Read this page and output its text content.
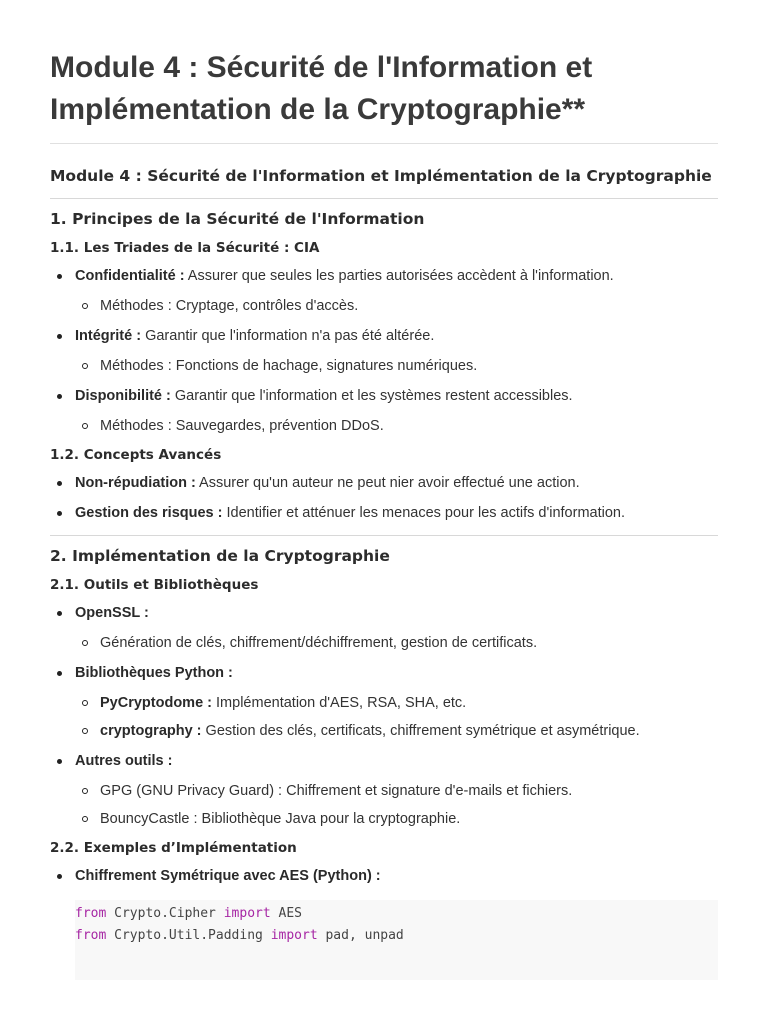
Module 4 : Sécurité de l'Information et Implémentation de la Cryptographie**
Module 4 : Sécurité de l'Information et Implémentation de la Cryptographie
1. Principes de la Sécurité de l'Information
1.1. Les Triades de la Sécurité : CIA
Confidentialité : Assurer que seules les parties autorisées accèdent à l'information.
Méthodes : Cryptage, contrôles d'accès.
Intégrité : Garantir que l'information n'a pas été altérée.
Méthodes : Fonctions de hachage, signatures numériques.
Disponibilité : Garantir que l'information et les systèmes restent accessibles.
Méthodes : Sauvegardes, prévention DDoS.
1.2. Concepts Avancés
Non-répudiation : Assurer qu'un auteur ne peut nier avoir effectué une action.
Gestion des risques : Identifier et atténuer les menaces pour les actifs d'information.
2. Implémentation de la Cryptographie
2.1. Outils et Bibliothèques
OpenSSL :
Génération de clés, chiffrement/déchiffrement, gestion de certificats.
Bibliothèques Python :
PyCryptodome : Implémentation d'AES, RSA, SHA, etc.
cryptography : Gestion des clés, certificats, chiffrement symétrique et asymétrique.
Autres outils :
GPG (GNU Privacy Guard) : Chiffrement et signature d'e-mails et fichiers.
BouncyCastle : Bibliothèque Java pour la cryptographie.
2.2. Exemples d’Implémentation
Chiffrement Symétrique avec AES (Python) :
from Crypto.Cipher import AES
from Crypto.Util.Padding import pad, unpad
